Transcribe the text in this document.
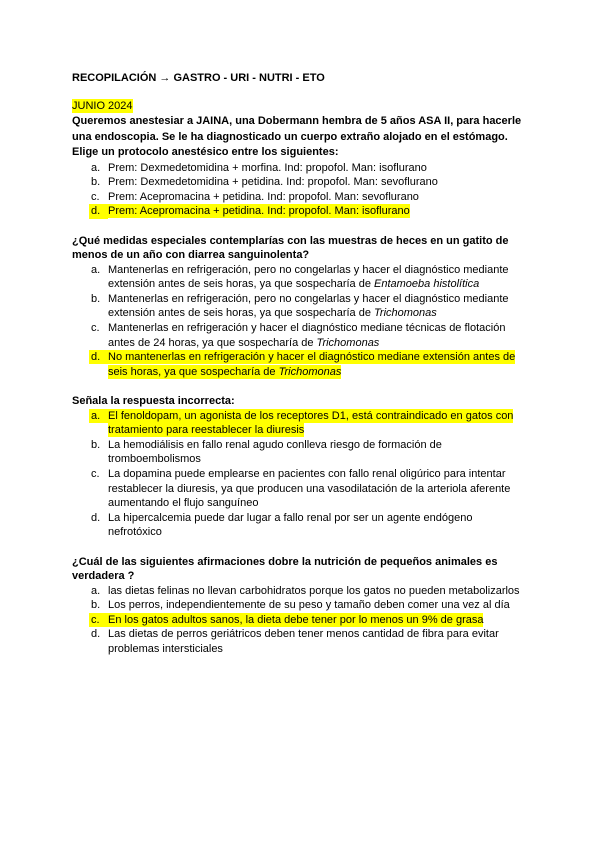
RECOPILACIÓN → GASTRO - URI - NUTRI - ETO
JUNIO 2024
Queremos anestesiar a JAINA, una Dobermann hembra de 5 años ASA II, para hacerle
una endoscopia. Se le ha diagnosticado un cuerpo extraño alojado en el estómago.
Elige un protocolo anestésico entre los siguientes:
a. Prem: Dexmedetomidina + morfina. Ind: propofol. Man: isoflurano
b. Prem: Dexmedetomidina + petidina. Ind: propofol. Man: sevoflurano
c. Prem: Acepromacina + petidina. Ind: propofol. Man: sevoflurano
d. Prem: Acepromacina + petidina. Ind: propofol. Man: isoflurano
¿Qué medidas especiales contemplarías con las muestras de heces en un gatito de
menos de un año con diarrea sanguinolenta?
a. Mantenerlas en refrigeración, pero no congelarlas y hacer el diagnóstico mediante
extensión antes de seis horas, ya que sospecharía de Entamoeba histolítica
b. Mantenerlas en refrigeración, pero no congelarlas y hacer el diagnóstico mediante
extensión antes de seis horas, ya que sospecharía de Trichomonas
c. Mantenerlas en refrigeración y hacer el diagnóstico mediane técnicas de flotación
antes de 24 horas, ya que sospecharía de Trichomonas
d. No mantenerlas en refrigeración y hacer el diagnóstico mediane extensión antes de
seis horas, ya que sospecharía de Trichomonas
Señala la respuesta incorrecta:
a. El fenoldopam, un agonista de los receptores D1, está contraindicado en gatos con
tratamiento para reestablecer la diuresis
b. La hemodiálisis en fallo renal agudo conlleva riesgo de formación de
tromboembolismos
c. La dopamina puede emplearse en pacientes con fallo renal oligúrico para intentar
restablecer la diuresis, ya que producen una vasodilatación de la arteriola aferente
aumentando el flujo sanguíneo
d. La hipercalcemia puede dar lugar a fallo renal por ser un agente endógeno
nefrotóxico
¿Cuál de las siguientes afirmaciones dobre la nutrición de pequeños animales es
verdadera ?
a. las dietas felinas no llevan carbohidratos porque los gatos no pueden metabolizarlos
b. Los perros, independientemente de su peso y tamaño deben comer una vez al día
c. En los gatos adultos sanos, la dieta debe tener por lo menos un 9% de grasa
d. Las dietas de perros geriátricos deben tener menos cantidad de fibra para evitar
problemas intersticiales
